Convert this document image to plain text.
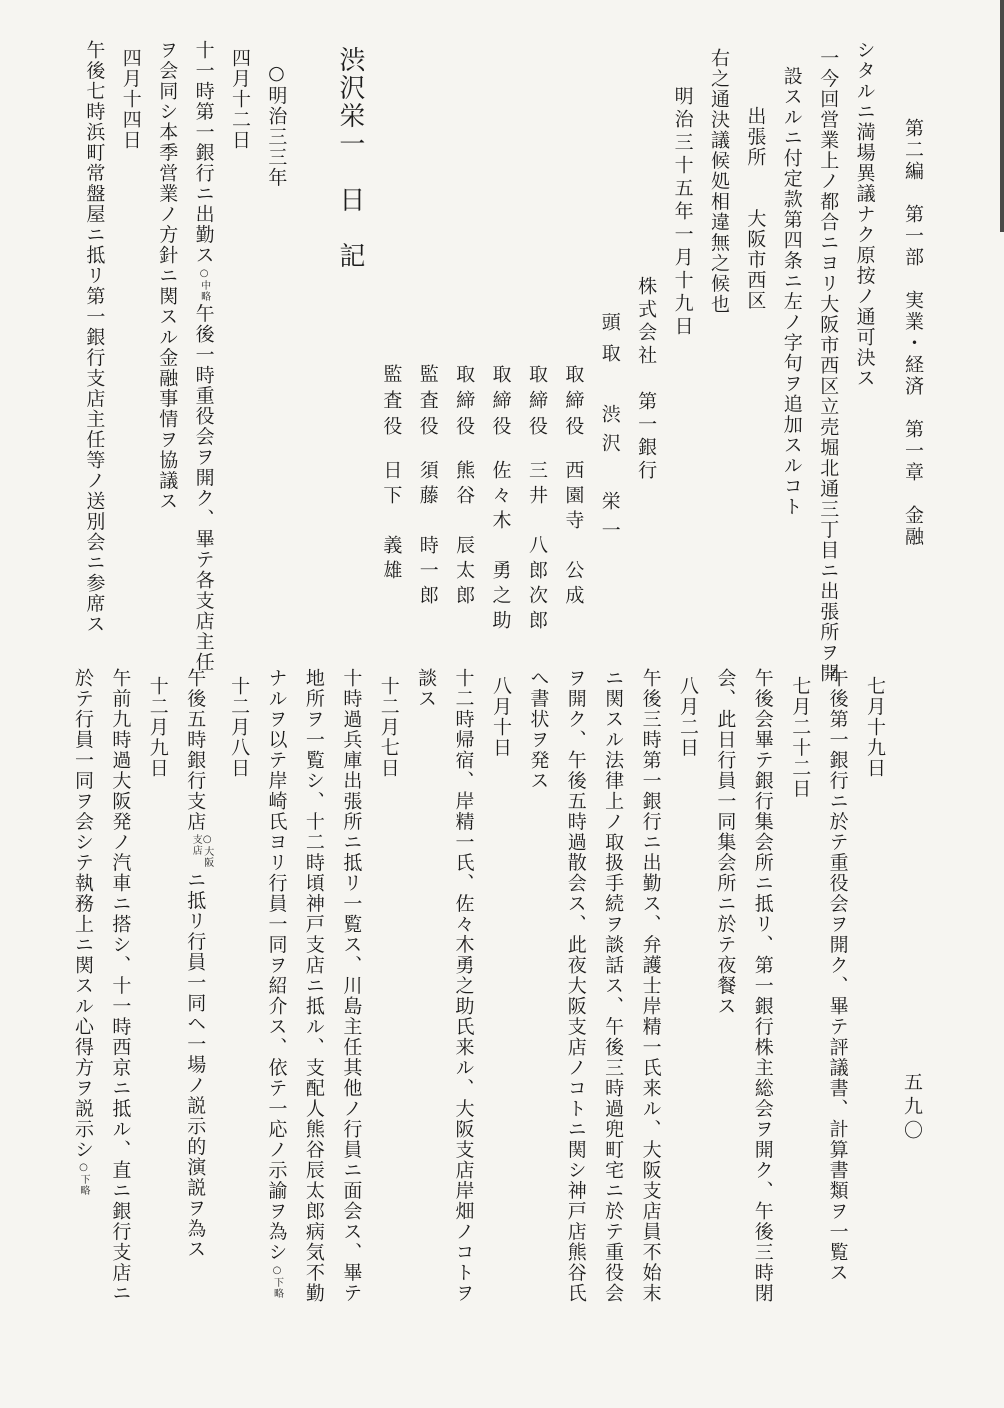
第二編　第一部　実業・経済　第一章　金融
シタルニ満場異議ナク原按ノ通可決ス
一今回営業上ノ都合ニヨリ大阪市西区立売堀北通三丁目ニ出張所ヲ開
設スルニ付定款第四条ニ左ノ字句ヲ追加スルコト
出張所　　大阪市西区
右之通決議候処相違無之候也
明治三十五年一月十九日
株式会社　第一銀行
頭取渋沢　栄一
取締役西園寺　公成
取締役三井　八郎次郎
取締役佐々木　勇之助
取締役熊谷　辰太郎
監査役須藤　時一郎
監査役日下　義雄
渋沢栄一　日　記
○明治三三年
四月十二日
十一時第一銀行ニ出勤ス
○中略
午後一時重役会ヲ開ク、畢テ各支店主任
ヲ会同シ本季営業ノ方針ニ関スル金融事情ヲ協議ス
四月十四日
午後七時浜町常盤屋ニ抵リ第一銀行支店主任等ノ送別会ニ参席ス
七月十九日
午後第一銀行ニ於テ重役会ヲ開ク、畢テ評議書、計算書類ヲ一覧ス
七月二十二日
午後会畢テ銀行集会所ニ抵リ、第一銀行株主総会ヲ開ク、午後三時閉
会、此日行員一同集会所ニ於テ夜餐ス
八月二日
午後三時第一銀行ニ出勤ス、弁護士岸精一氏来ル、大阪支店員不始末
ニ関スル法律上ノ取扱手続ヲ談話ス、午後三時過兜町宅ニ於テ重役会
ヲ開ク、午後五時過散会ス、此夜大阪支店ノコトニ関シ神戸店熊谷氏
へ書状ヲ発ス
八月十日
十二時帰宿、岸精一氏、佐々木勇之助氏来ル、大阪支店岸畑ノコトヲ
談ス
十二月七日
十時過兵庫出張所ニ抵リ一覧ス、川島主任其他ノ行員ニ面会ス、畢テ
地所ヲ一覧シ、十二時頃神戸支店ニ抵ル、支配人熊谷辰太郎病気不勤
ナルヲ以テ岸崎氏ヨリ行員一同ヲ紹介ス、依テ一応ノ示諭ヲ為シ
○下略
十二月八日
午後五時銀行支店
○大阪
支店
ニ抵リ行員一同ヘ一場ノ説示的演説ヲ為ス
十二月九日
午前九時過大阪発ノ汽車ニ搭シ、十一時西京ニ抵ル、直ニ銀行支店ニ
於テ行員一同ヲ会シテ執務上ニ関スル心得方ヲ説示シ
○下略
五九〇
